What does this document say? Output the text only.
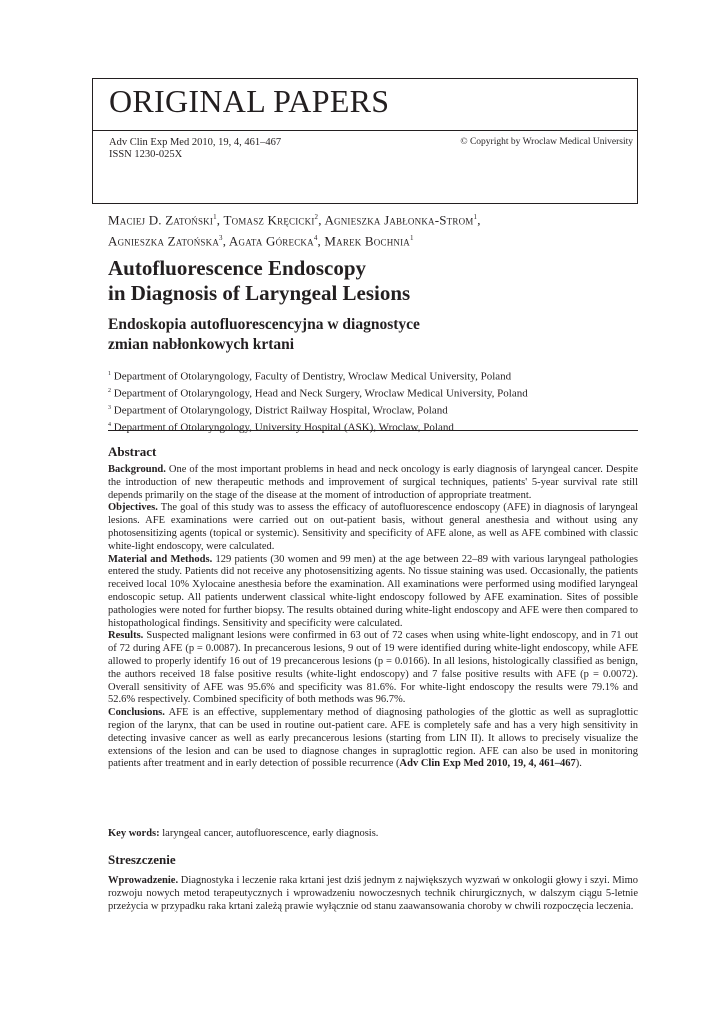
ORIGINAL PAPERS
Adv Clin Exp Med 2010, 19, 4, 461–467
ISSN 1230-025X
© Copyright by Wroclaw Medical University
Maciej D. Zatoński$^1$, Tomasz Kręcicki$^2$, Agnieszka Jabłonka-Strom$^1$,
Agnieszka Zatońska$^3$, Agata Górecka$^4$, Marek Bochnia$^1$
Autofluorescence Endoscopy
in Diagnosis of Laryngeal Lesions
Endoskopia autofluorescencyjna w diagnostyce
zmian nabłonkowych krtani
$^1$ Department of Otolaryngology, Faculty of Dentistry, Wroclaw Medical University, Poland
$^2$ Department of Otolaryngology, Head and Neck Surgery, Wroclaw Medical University, Poland
$^3$ Department of Otolaryngology, District Railway Hospital, Wroclaw, Poland
$^4$ Department of Otolaryngology, University Hospital (ASK), Wroclaw, Poland
Abstract

Background. One of the most important problems in head and neck oncology is early diagnosis of laryngeal cancer. Despite the introduction of new therapeutic methods and improvement of surgical techniques, patients' 5-year survival rate still depends primarily on the stage of the disease at the moment of introduction of appropriate treatment.

Objectives. The goal of this study was to assess the efficacy of autofluorescence endoscopy (AFE) in diagnosis of laryngeal lesions. AFE examinations were carried out on out-patient basis, without general anesthesia and without using any photosensitizing agents (topical or systemic). Sensitivity and specificity of AFE alone, as well as AFE combined with classic white-light endoscopy, were calculated.

Material and Methods. 129 patients (30 women and 99 men) at the age between 22–89 with various laryngeal pathologies entered the study. Patients did not receive any photosensitizing agents. No tissue staining was used. Occasionally, the patients received local 10% Xylocaine anesthesia before the examination. All examinations were performed using modified laryngeal endoscopic setup. All patients underwent classical white-light endoscopy followed by AFE examination. Sites of possible pathologies were noted for further biopsy. The results obtained during white-light endoscopy and AFE were then compared to histopathological findings. Sensitivity and specificity were calculated.

Results. Suspected malignant lesions were confirmed in 63 out of 72 cases when using white-light endoscopy, and in 71 out of 72 during AFE (p = 0.0087). In precancerous lesions, 9 out of 19 were identified during white-light endoscopy, while AFE allowed to properly identify 16 out of 19 precancerous lesions (p = 0.0166). In all lesions, histologically classified as benign, the authors received 18 false positive results (white-light endoscopy) and 7 false positive results with AFE (p = 0.0072). Overall sensitivity of AFE was 95.6% and specificity was 81.6%. For white-light endoscopy the results were 79.1% and 52.6% respectively. Combined specificity of both methods was 96.7%.

Conclusions. AFE is an effective, supplementary method of diagnosing pathologies of the glottic as well as supraglottic region of the larynx, that can be used in routine out-patient care. AFE is completely safe and has a very high sensitivity in detecting invasive cancer as well as early precancerous lesions (starting from LIN II). It allows to precisely visualize the extensions of the lesion and can be used to diagnose changes in supraglottic region. AFE can also be used in monitoring patients after treatment and in early detection of possible recurrence (Adv Clin Exp Med 2010, 19, 4, 461–467).

Key words: laryngeal cancer, autofluorescence, early diagnosis.
Streszczenie

Wprowadzenie. Diagnostyka i leczenie raka krtani jest dziś jednym z największych wyzwań w onkologii głowy i szyi. Mimo rozwoju nowych metod terapeutycznych i wprowadzeniu nowoczesnych technik chirurgicznych, w dalszym ciągu 5-letnie przeżycia w przypadku raka krtani zależą prawie wyłącznie od stanu zaawansowania choroby w chwili rozpoczęcia leczenia.
